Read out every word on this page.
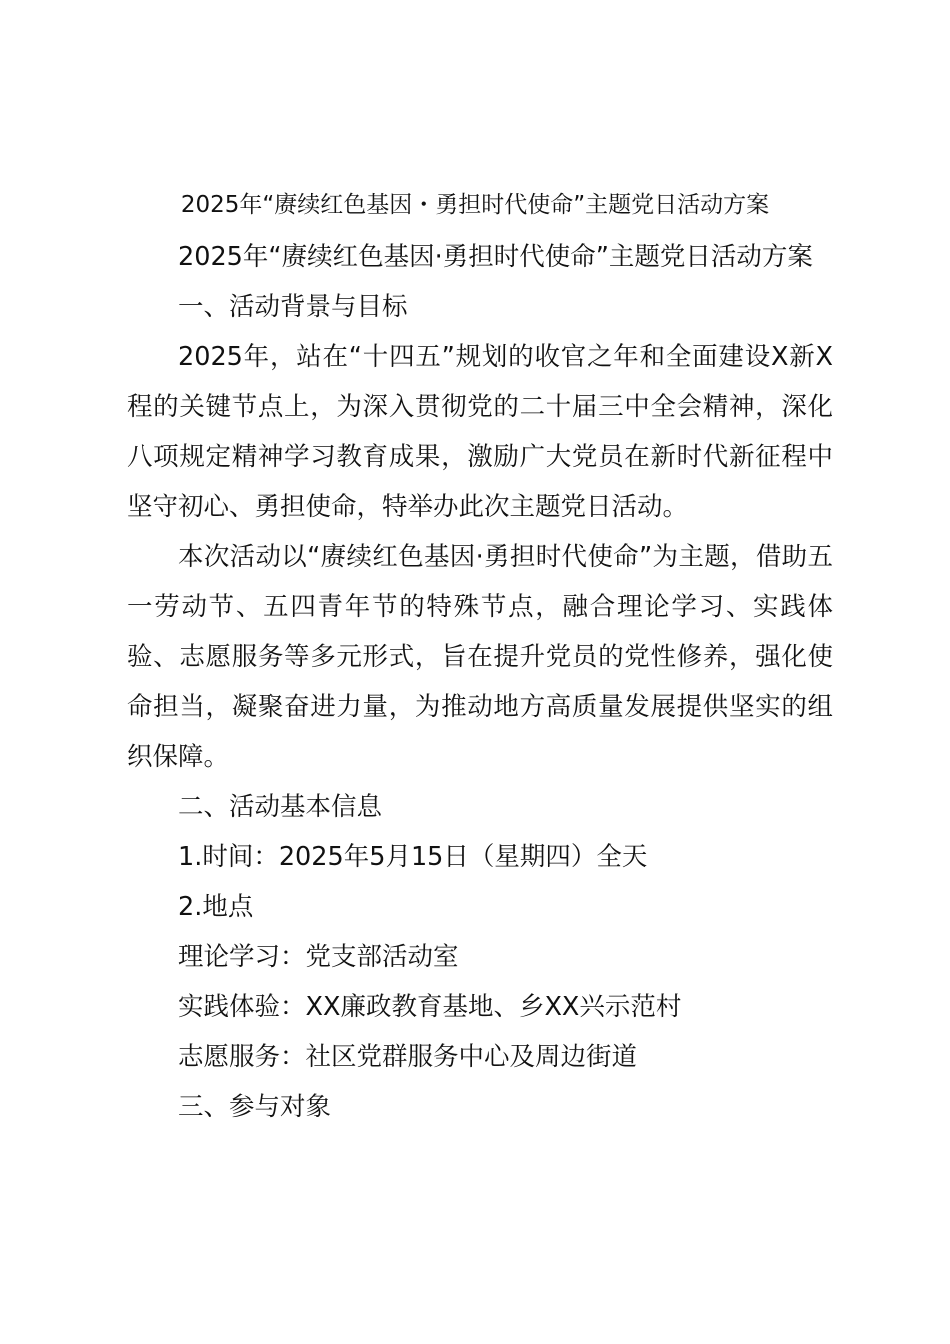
2025年“赓续红色基因・勇担时代使命”主题党日活动方案

2025年“赓续红色基因·勇担时代使命”主题党日活动方案

一、活动背景与目标

2025年，站在“十四五”规划的收官之年和全面建设X新X程的关键节点上，为深入贯彻党的二十届三中全会精神，深化八项规定精神学习教育成果，激励广大党员在新时代新征程中坚守初心、勇担使命，特举办此次主题党日活动。

本次活动以“赓续红色基因·勇担时代使命”为主题，借助五一劳动节、五四青年节的特殊节点，融合理论学习、实践体验、志愿服务等多元形式，旨在提升党员的党性修养，强化使命担当，凝聚奋进力量，为推动地方高质量发展提供坚实的组织保障。

二、活动基本信息

1.时间：2025年5月15日（星期四）全天

2.地点

理论学习：党支部活动室

实践体验：XX廉政教育基地、乡XX兴示范村

志愿服务：社区党群服务中心及周边街道

三、参与对象
